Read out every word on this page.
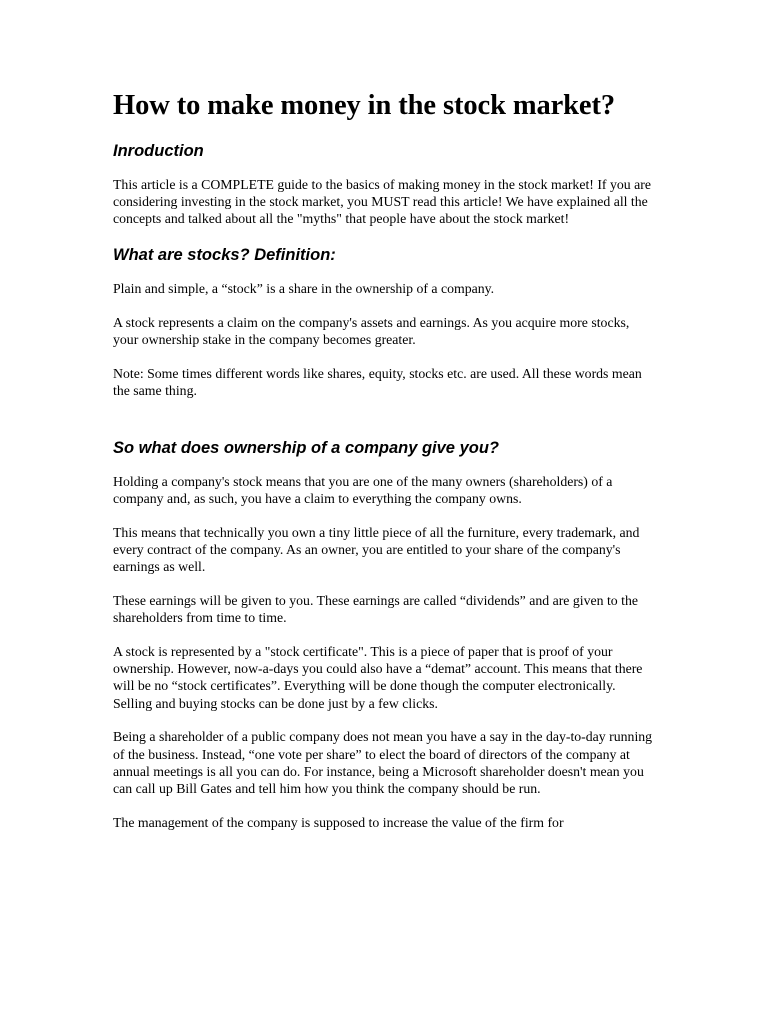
How to make money in the stock market?
Inroduction

This article is a COMPLETE guide to the basics of making money in the stock market! If you are considering investing in the stock market, you MUST read this article! We have explained all the concepts and talked about all the "myths" that people have about the stock market!

What are stocks? Definition:

Plain and simple, a “stock” is a share in the ownership of a company.

A stock represents a claim on the company's assets and earnings. As you acquire more stocks, your ownership stake in the company becomes greater.

Note: Some times different words like shares, equity, stocks etc. are used. All these words mean the same thing.

So what does ownership of a company give you?

Holding a company's stock means that you are one of the many owners (shareholders) of a company and, as such, you have a claim to everything the company owns.

This means that technically you own a tiny little piece of all the furniture, every trademark, and every contract of the company. As an owner, you are entitled to your share of the company's earnings as well.

These earnings will be given to you. These earnings are called “dividends” and are given to the shareholders from time to time.

A stock is represented by a "stock certificate". This is a piece of paper that is proof of your ownership. However, now-a-days you could also have a “demat” account. This means that there will be no “stock certificates”. Everything will be done though the computer electronically. Selling and buying stocks can be done just by a few clicks.

Being a shareholder of a public company does not mean you have a say in the day-to-day running of the business. Instead, “one vote per share” to elect the board of directors of the company at annual meetings is all you can do. For instance, being a Microsoft shareholder doesn't mean you can call up Bill Gates and tell him how you think the company should be run.

The management of the company is supposed to increase the value of the firm for
